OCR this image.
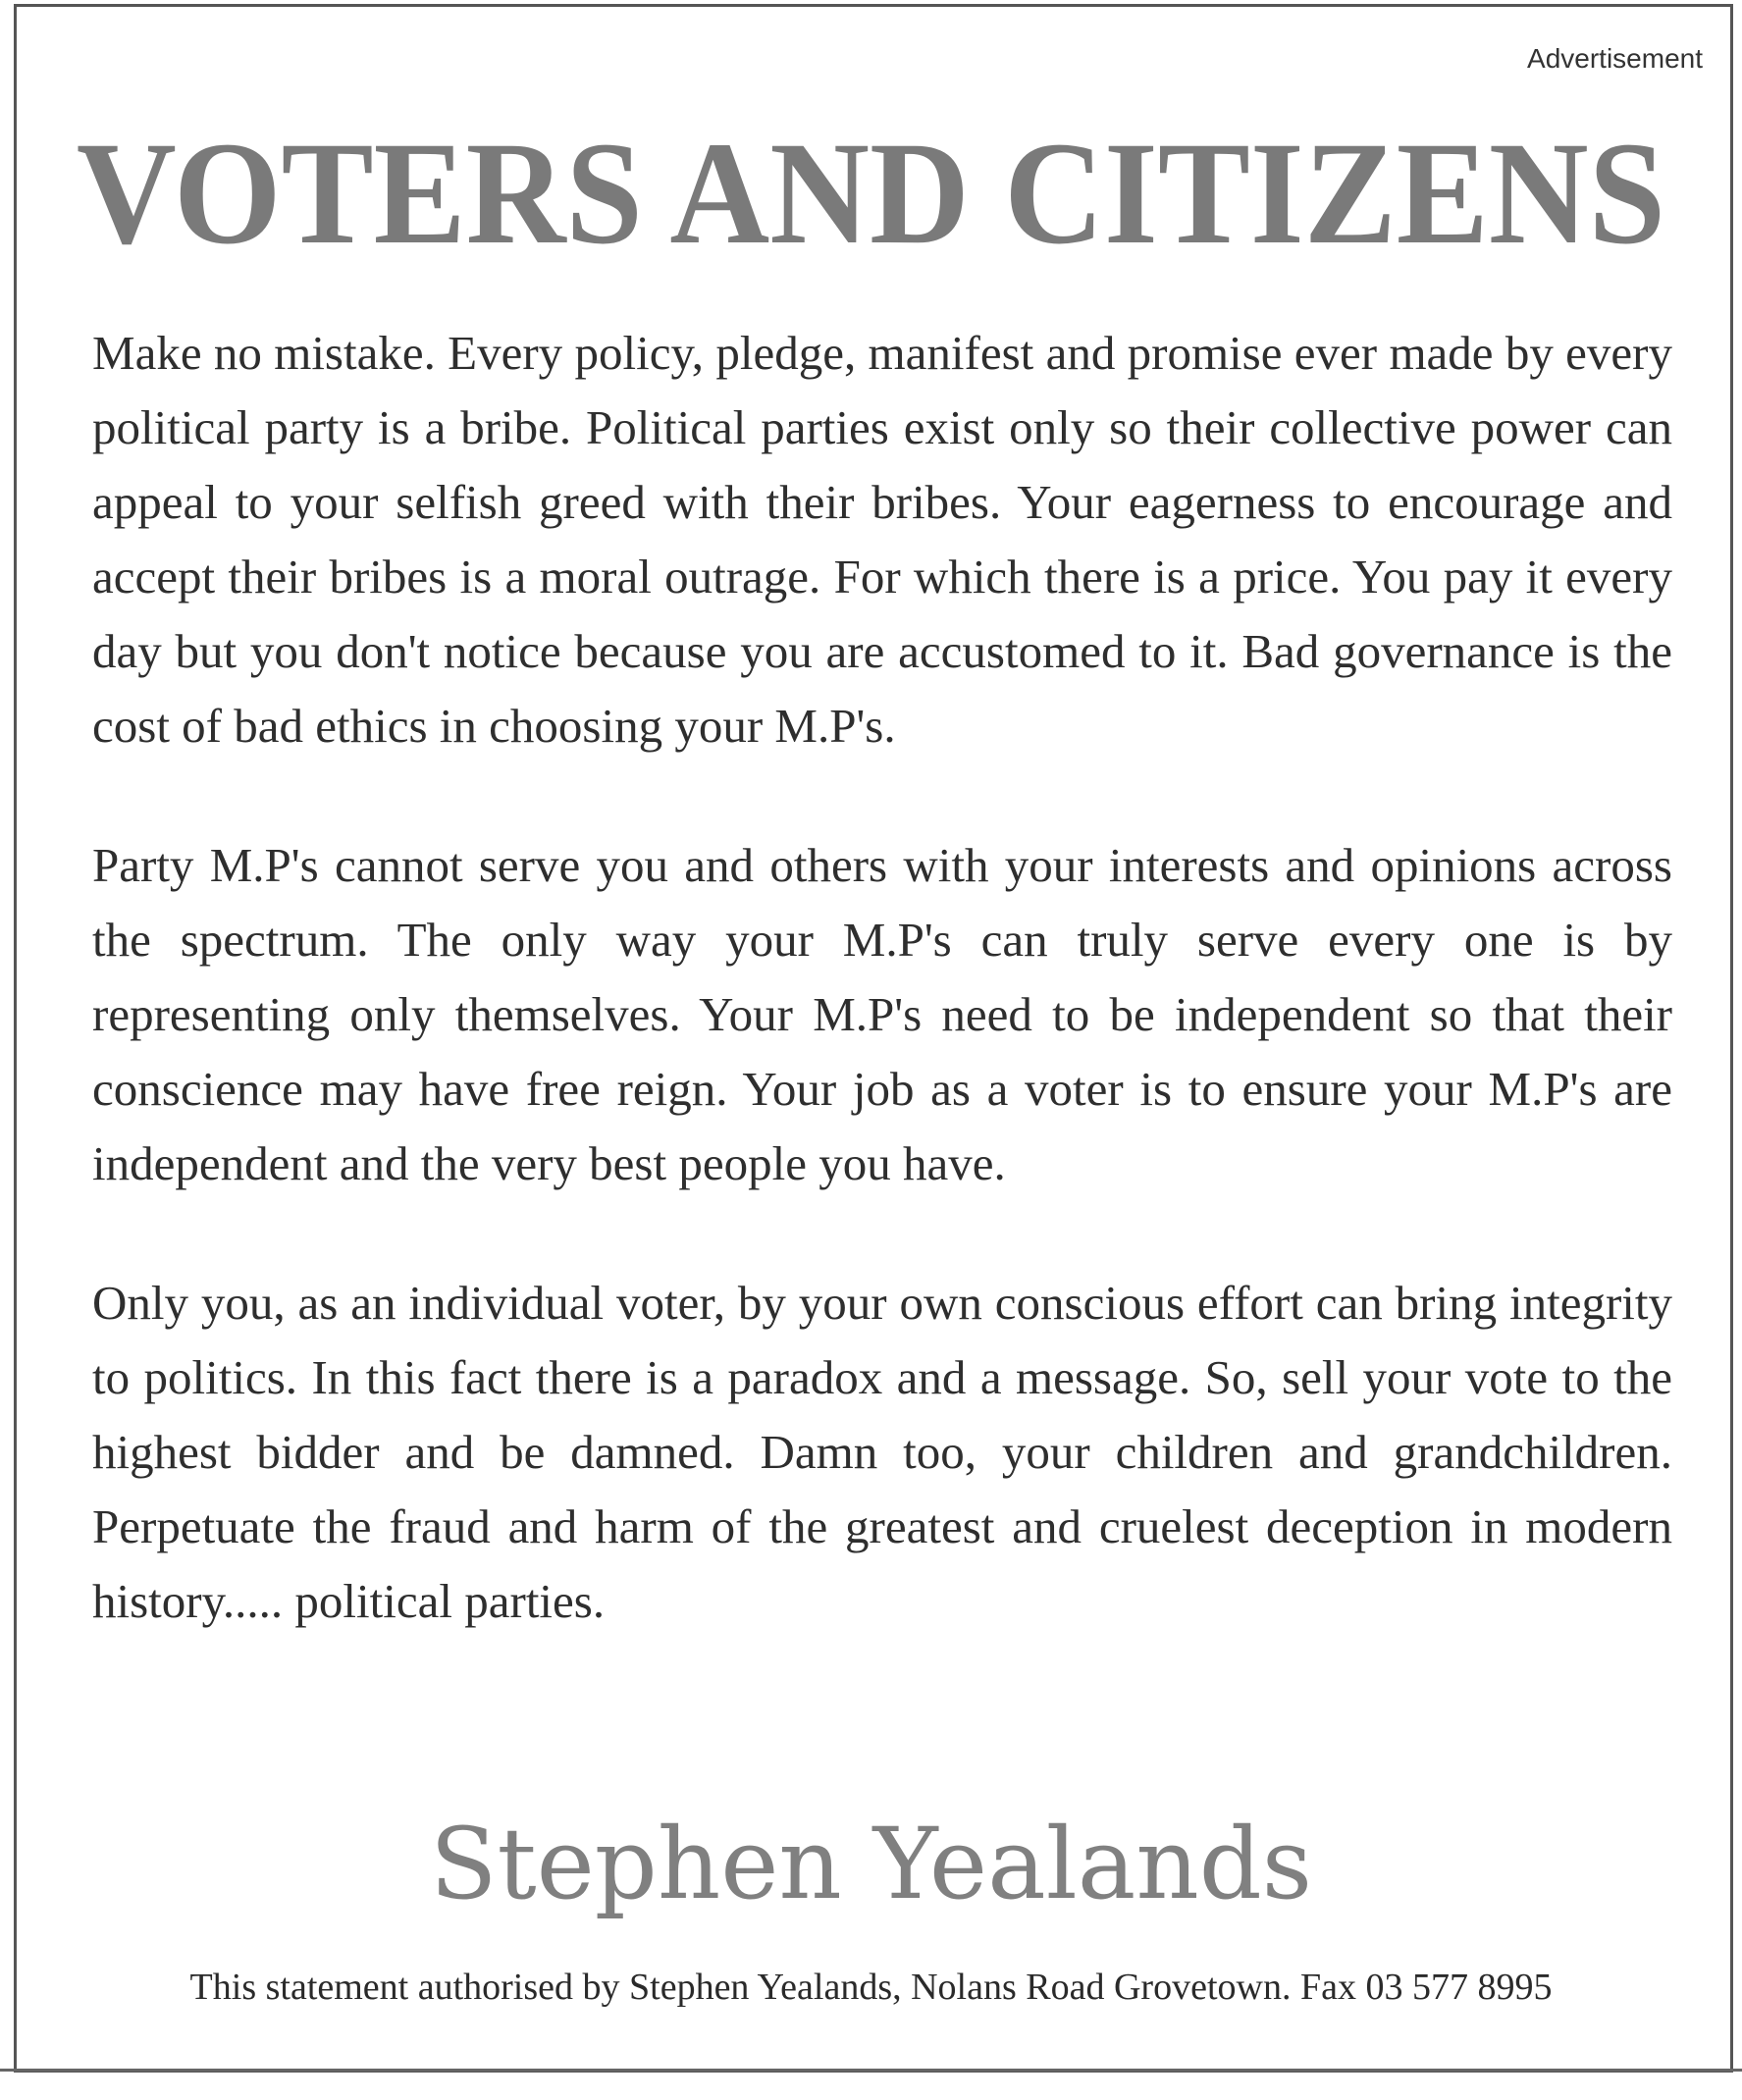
Advertisement
VOTERS AND CITIZENS

Make no mistake. Every policy, pledge, manifest and promise ever made by every political party is a bribe. Political parties exist only so their collective power can appeal to your selfish greed with their bribes. Your eagerness to encourage and accept their bribes is a moral outrage. For which there is a price. You pay it every day but you don't notice because you are accustomed to it. Bad governance is the cost of bad ethics in choosing your M.P's.

Party M.P's cannot serve you and others with your interests and opinions across the spectrum. The only way your M.P's can truly serve every one is by representing only themselves. Your M.P's need to be independent so that their conscience may have free reign. Your job as a voter is to ensure your M.P's are independent and the very best people you have.

Only you, as an individual voter, by your own conscious effort can bring integrity to politics. In this fact there is a paradox and a message. So, sell your vote to the highest bidder and be damned. Damn too, your children and grandchildren. Perpetuate the fraud and harm of the greatest and cruelest deception in modern history..... political parties.

Stephen Yealands
This statement authorised by Stephen Yealands, Nolans Road Grovetown. Fax 03 577 8995
